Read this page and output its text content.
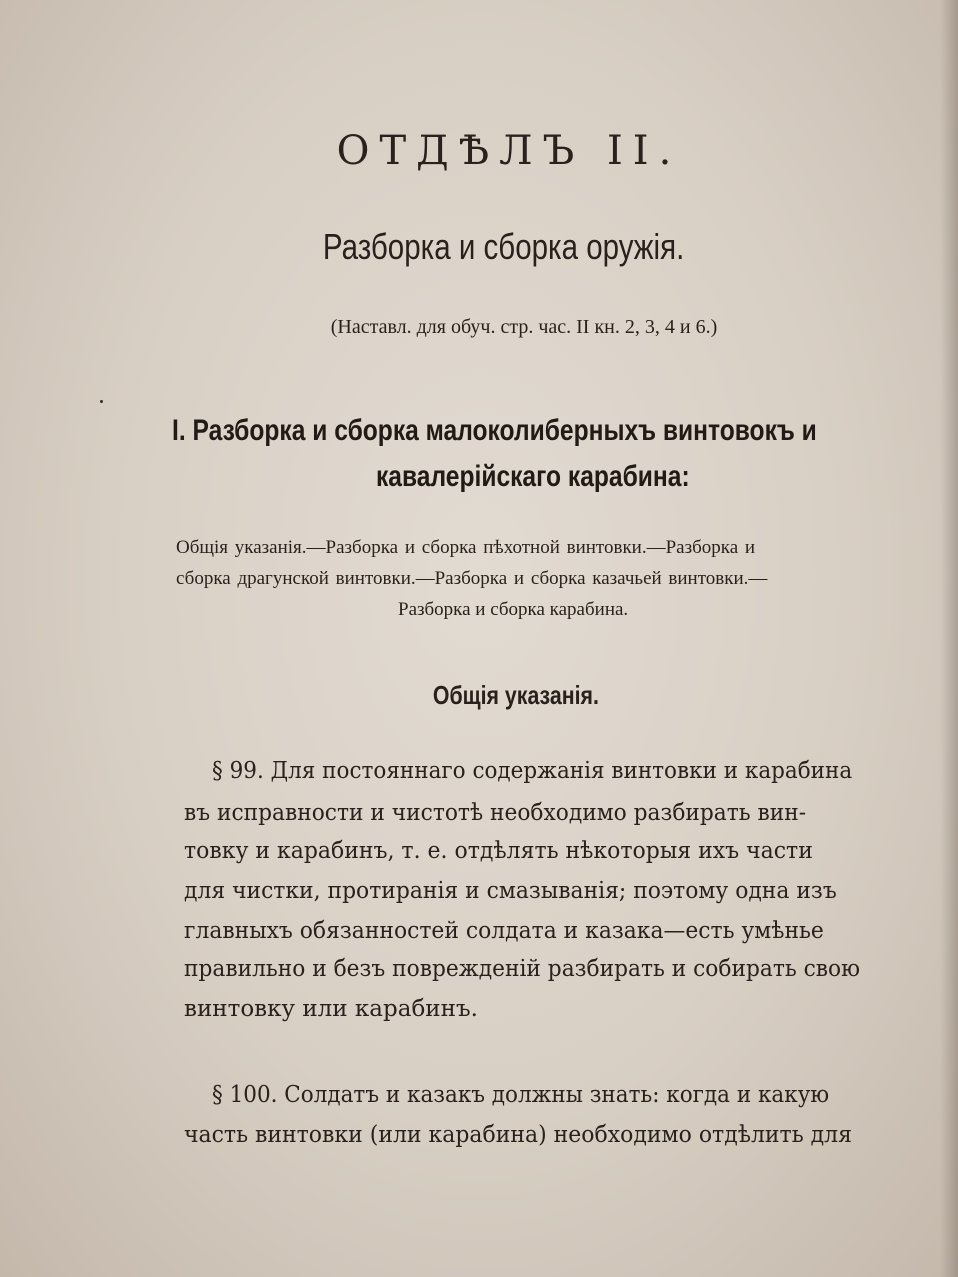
ОТДѢЛЪ II.
Разборка и сборка оружія.
(Наставл. для обуч. стр. час. II кн. 2, 3, 4 и 6.)
I. Разборка и сборка малоколиберныхъ винтовокъ и
кавалерійскаго карабина:
Общія указанія.—Разборка и сборка пѣхотной винтовки.—Разборка и
сборка драгунской винтовки.—Разборка и сборка казачьей винтовки.—
Разборка и сборка карабина.
Общія указанія.
§ 99. Для постояннаго содержанія винтовки и карабина
въ исправности и чистотѣ необходимо разбирать вин-
товку и карабинъ, т. е. отдѣлять нѣкоторыя ихъ части
для чистки, протиранія и смазыванія; поэтому одна изъ
главныхъ обязанностей солдата и казака—есть умѣнье
правильно и безъ поврежденій разбирать и собирать свою
винтовку или карабинъ.
§ 100. Солдатъ и казакъ должны знать: когда и какую
часть винтовки (или карабина) необходимо отдѣлить для
